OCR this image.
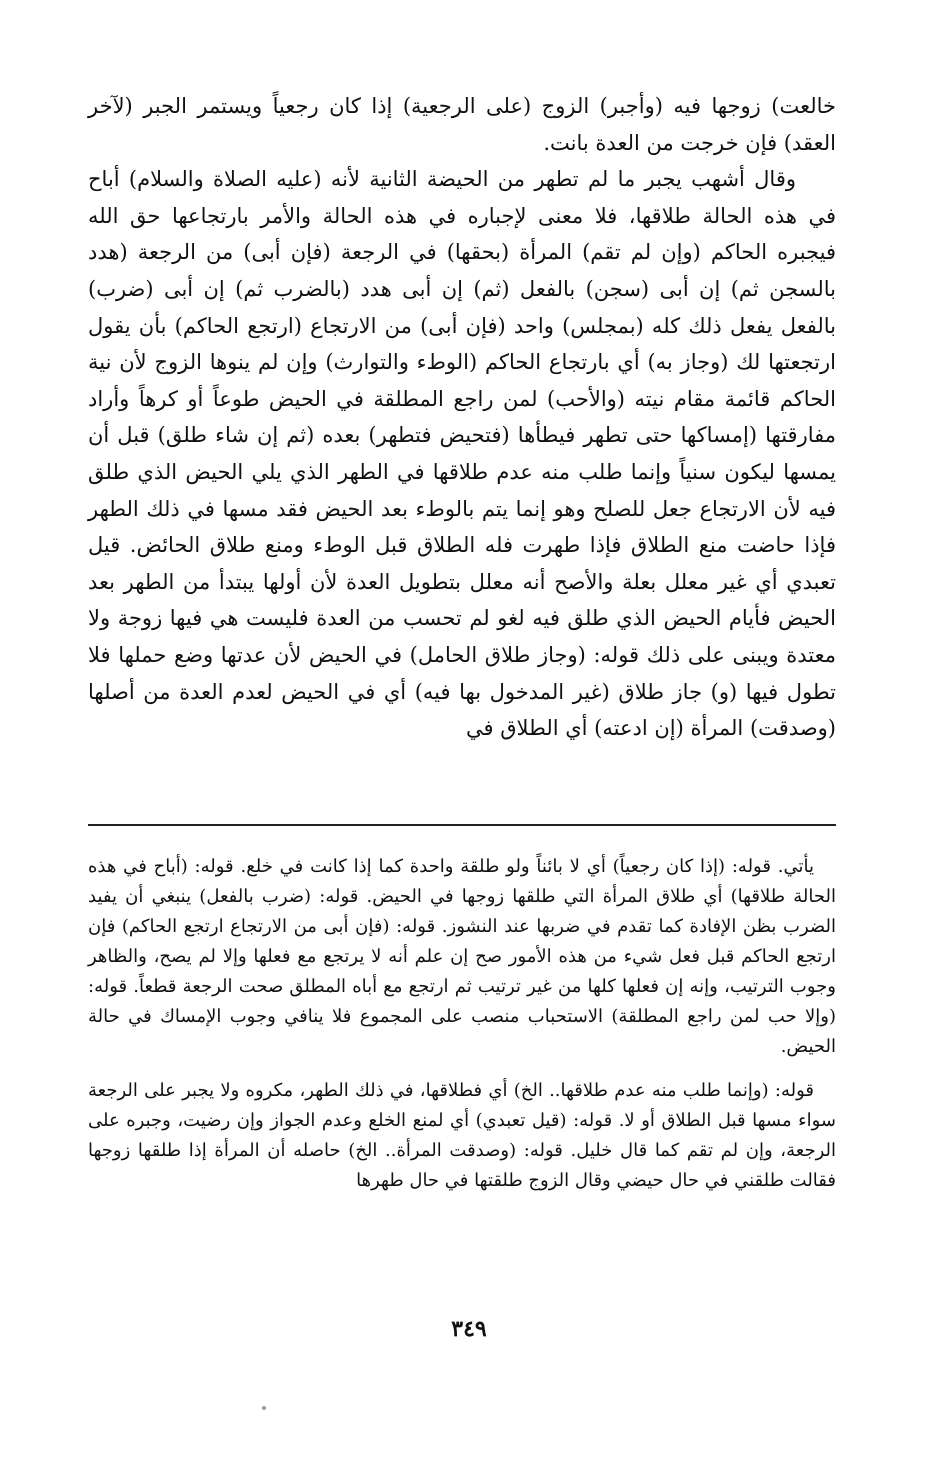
خالعت) زوجها فيه (وأجبر) الزوج (على الرجعية) إذا كان رجعياً ويستمر الجبر (لآخر العقد) فإن خرجت من العدة بانت.

وقال أشهب يجبر ما لم تطهر من الحيضة الثانية لأنه (عليه الصلاة والسلام) أباح في هذه الحالة طلاقها، فلا معنى لإجباره في هذه الحالة والأمر بارتجاعها حق الله فيجبره الحاكم (وإن لم تقم) المرأة (بحقها) في الرجعة (فإن أبى) من الرجعة (هدد بالسجن ثم) إن أبى (سجن) بالفعل (ثم) إن أبى هدد (بالضرب ثم) إن أبى (ضرب) بالفعل يفعل ذلك كله (بمجلس) واحد (فإن أبى) من الارتجاع (ارتجع الحاكم) بأن يقول ارتجعتها لك (وجاز به) أي بارتجاع الحاكم (الوطء والتوارث) وإن لم ينوها الزوج لأن نية الحاكم قائمة مقام نيته (والأحب) لمن راجع المطلقة في الحيض طوعاً أو كرهاً وأراد مفارقتها (إمساكها حتى تطهر فيطأها (فتحيض فتطهر) بعده (ثم إن شاء طلق) قبل أن يمسها ليكون سنياً وإنما طلب منه عدم طلاقها في الطهر الذي يلي الحيض الذي طلق فيه لأن الارتجاع جعل للصلح وهو إنما يتم بالوطء بعد الحيض فقد مسها في ذلك الطهر فإذا حاضت منع الطلاق فإذا طهرت فله الطلاق قبل الوطء ومنع طلاق الحائض. قيل تعبدي أي غير معلل بعلة والأصح أنه معلل بتطويل العدة لأن أولها يبتدأ من الطهر بعد الحيض فأيام الحيض الذي طلق فيه لغو لم تحسب من العدة فليست هي فيها زوجة ولا معتدة ويبنى على ذلك قوله: (وجاز طلاق الحامل) في الحيض لأن عدتها وضع حملها فلا تطول فيها (و) جاز طلاق (غير المدخول بها فيه) أي في الحيض لعدم العدة من أصلها (وصدقت) المرأة (إن ادعته) أي الطلاق في

يأتي. قوله: (إذا كان رجعياً) أي لا بائناً ولو طلقة واحدة كما إذا كانت في خلع. قوله: (أباح في هذه الحالة طلاقها) أي طلاق المرأة التي طلقها زوجها في الحيض. قوله: (ضرب بالفعل) ينبغي أن يفيد الضرب بظن الإفادة كما تقدم في ضربها عند النشوز. قوله: (فإن أبى من الارتجاع ارتجع الحاكم) فإن ارتجع الحاكم قبل فعل شيء من هذه الأمور صح إن علم أنه لا يرتجع مع فعلها وإلا لم يصح، والظاهر وجوب الترتيب، وإنه إن فعلها كلها من غير ترتيب ثم ارتجع مع أباه المطلق صحت الرجعة قطعاً. قوله: (وإلا حب لمن راجع المطلقة) الاستحباب منصب على المجموع فلا ينافي وجوب الإمساك في حالة الحيض.

قوله: (وإنما طلب منه عدم طلاقها.. الخ) أي فطلاقها، في ذلك الطهر، مكروه ولا يجبر على الرجعة سواء مسها قبل الطلاق أو لا. قوله: (قيل تعبدي) أي لمنع الخلع وعدم الجواز وإن رضيت، وجبره على الرجعة، وإن لم تقم كما قال خليل. قوله: (وصدقت المرأة.. الخ) حاصله أن المرأة إذا طلقها زوجها فقالت طلقني في حال حيضي وقال الزوج طلقتها في حال طهرها

٣٤٩
